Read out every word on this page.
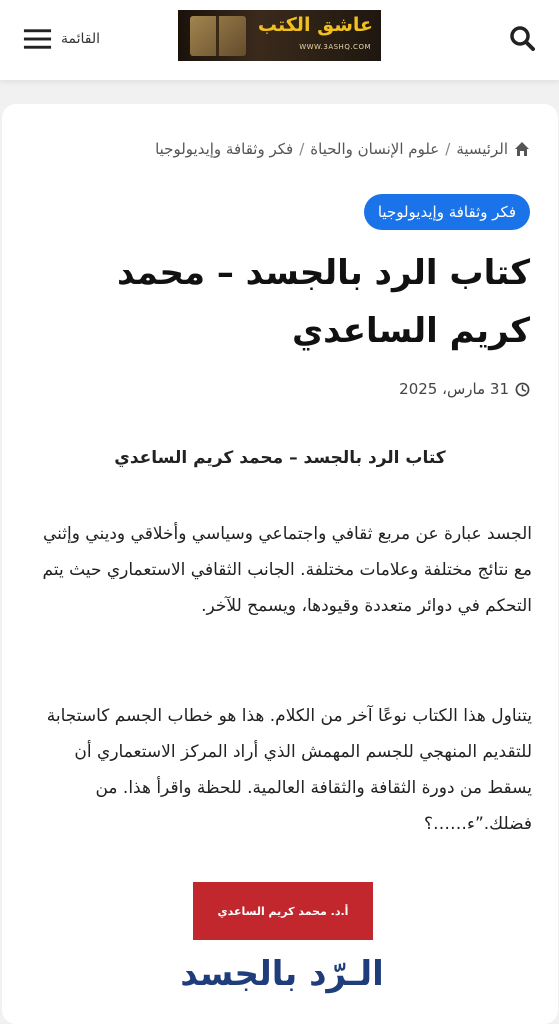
عاشق الكتب
WWW.3ASHQ.COM
القائمة
الرئيسية
/
علوم الإنسان والحياة
/
فكر وثقافة وإيديولوجيا
فكر وثقافة وإيديولوجيا
كتاب الرد بالجسد – محمد كريم الساعدي
31 مارس، 2025
كتاب الرد بالجسد – محمد كريم الساعدي

الجسد عبارة عن مربع ثقافي واجتماعي وسياسي وأخلاقي وديني وإثني مع نتائج مختلفة وعلامات مختلفة. الجانب الثقافي الاستعماري حيث يتم التحكم في دوائر متعددة وقيودها، ويسمح للآخر.

يتناول هذا الكتاب نوعًا آخر من الكلام. هذا هو خطاب الجسم كاستجابة للتقديم المنهجي للجسم المهمش الذي أراد المركز الاستعماري أن يسقط من دورة الثقافة والثقافة العالمية. للحظة واقرأ هذا. من فضلك.”ء……؟

أ.د. محمد كريم الساعدي
الـرّد بالجسد
